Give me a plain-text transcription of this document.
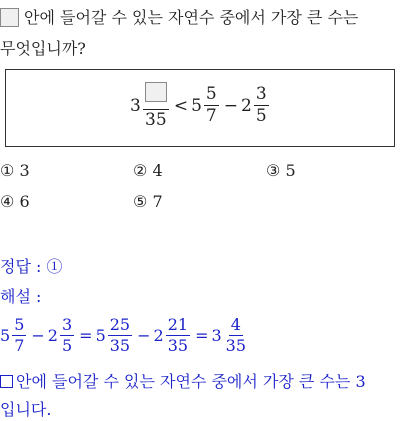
안에 들어갈 수 있는 자연수 중에서 가장 큰 수는
무엇입니까?
3
35
< $5 \frac{5}{7} - 2 \frac{3}{5}$
① 3	② 4	③ 5
④ 6	⑤ 7
정답 : ①
해설 :
$5 \frac{5}{7} - 2 \frac{3}{5} = 5 \frac{25}{35} - 2 \frac{21}{35} = 3 \frac{4}{35}$
안에 들어갈 수 있는 자연수 중에서 가장 큰 수는 3
입니다.
